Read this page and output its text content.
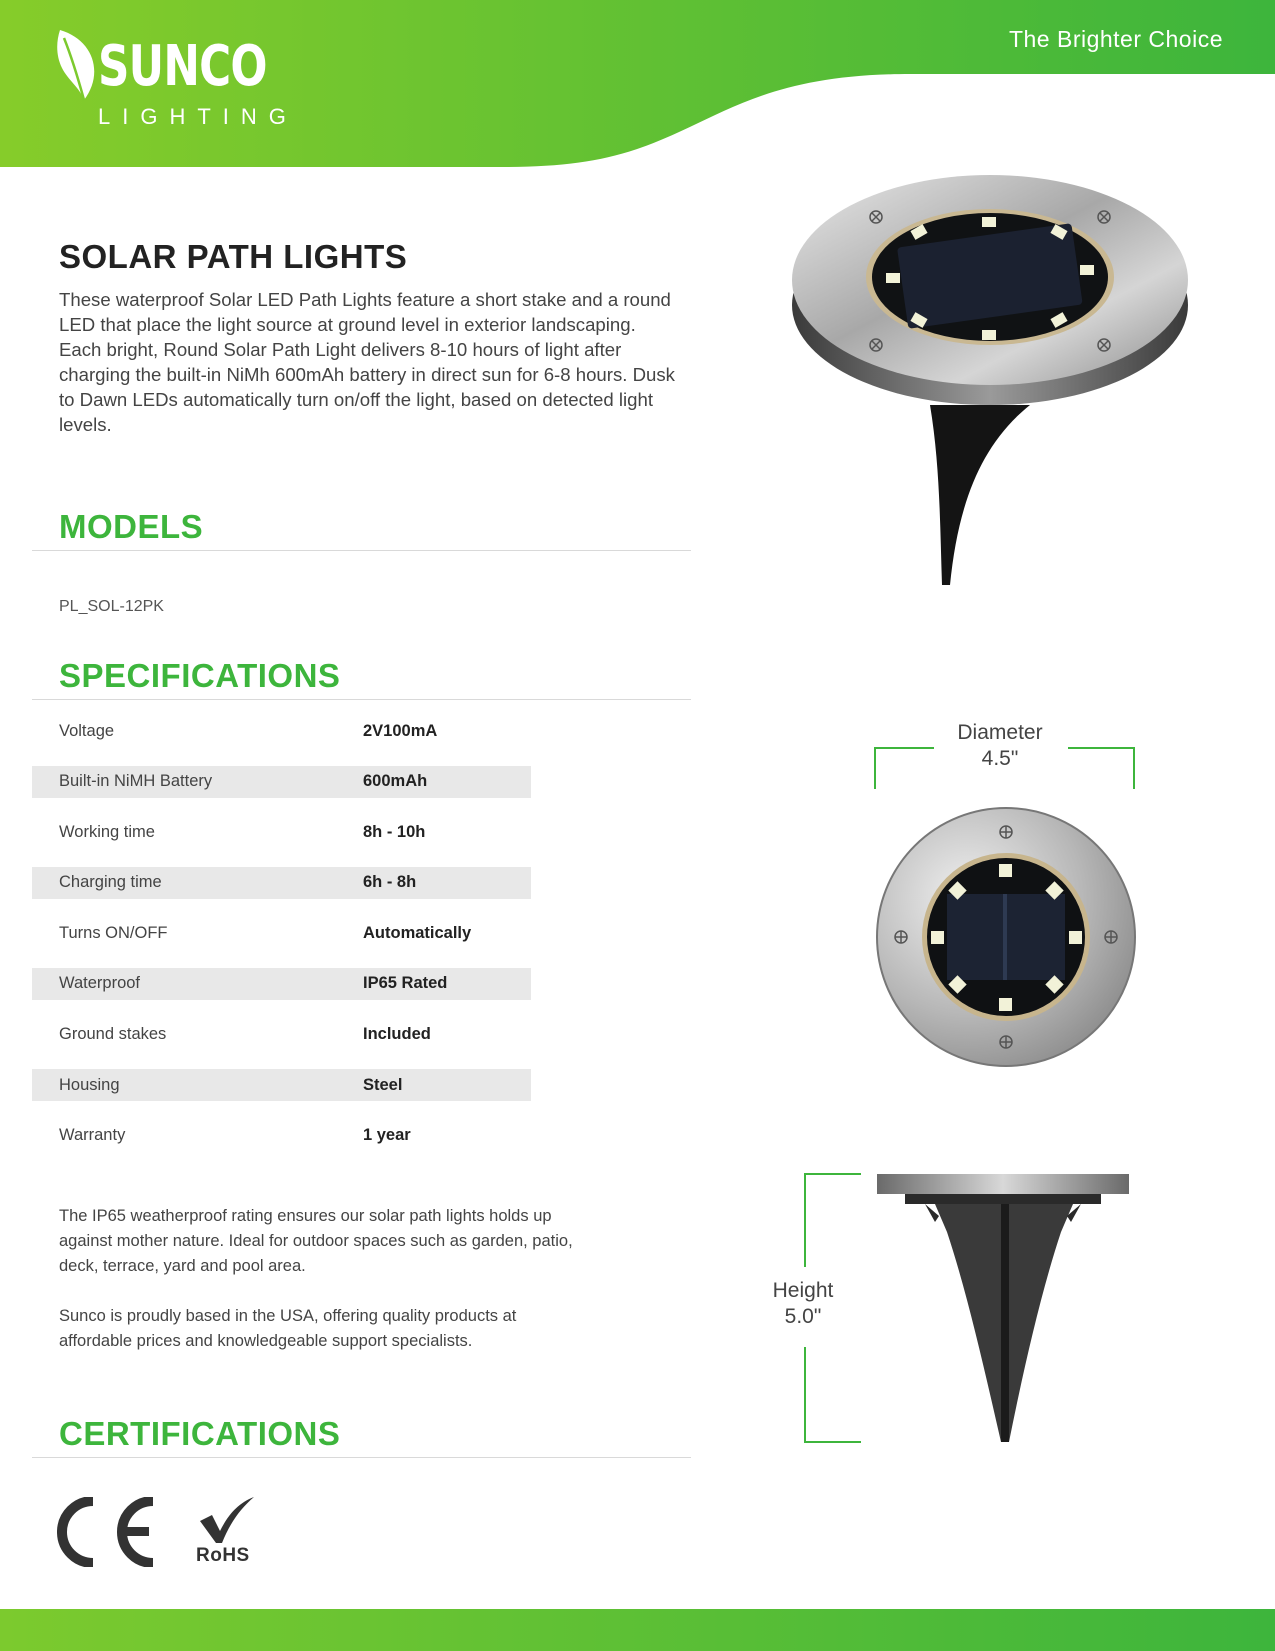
The Brighter Choice
SUNCO
LIGHTING
SOLAR PATH LIGHTS
These waterproof Solar LED Path Lights feature a short stake and a round LED that place the light source at ground level in exterior landscaping. Each bright, Round Solar Path Light delivers 8-10 hours of light after charging the built-in NiMh 600mAh battery in direct sun for 6-8 hours. Dusk to Dawn LEDs automatically turn on/off the light, based on detected light levels.
MODELS
PL_SOL-12PK
SPECIFICATIONS
Voltage	2V100mA
Built-in NiMH Battery	600mAh
Working time	8h - 10h
Charging time	6h - 8h
Turns ON/OFF	Automatically
Waterproof	IP65 Rated
Ground stakes	Included
Housing	Steel
Warranty	1 year
The IP65 weatherproof rating ensures our solar path lights holds up against mother nature. Ideal for outdoor spaces such as garden, patio, deck, terrace, yard and pool area.
Sunco is proudly based in the USA, offering quality products at affordable prices and knowledgeable support specialists.
CERTIFICATIONS
RoHS
Diameter
4.5"
Height
5.0"
